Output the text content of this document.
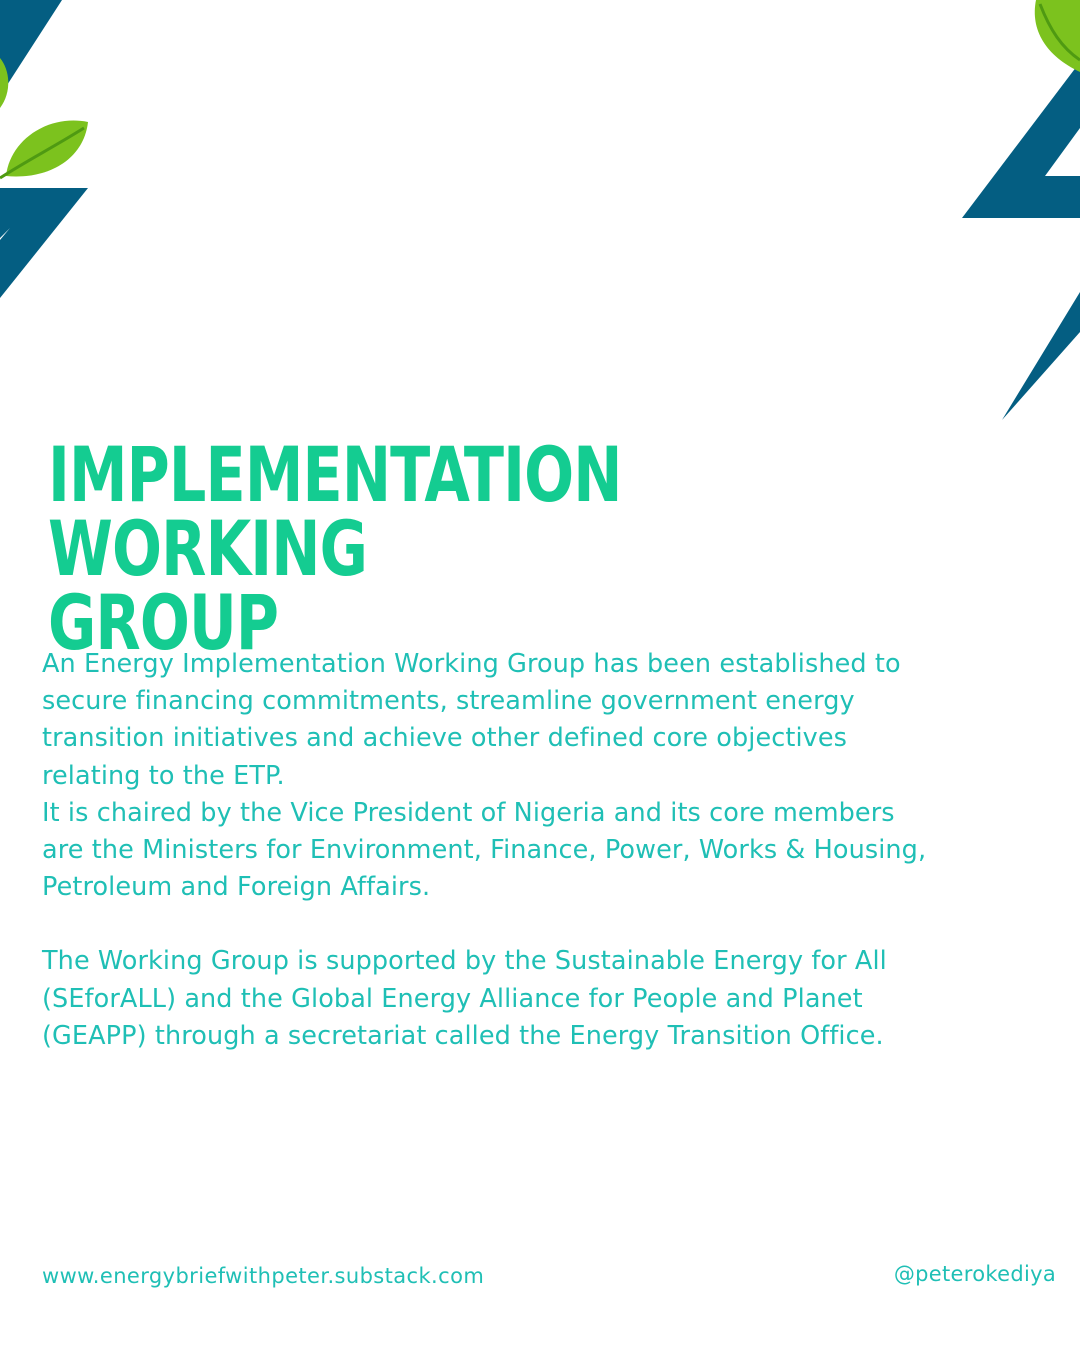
IMPLEMENTATION WORKING
GROUP

An Energy Implementation Working Group has been established to
secure financing commitments, streamline government energy
transition initiatives and achieve other defined core objectives
relating to the ETP.

It is chaired by the Vice President of Nigeria and its core members
are the Ministers for Environment, Finance, Power, Works & Housing,
Petroleum and Foreign Affairs.

The Working Group is supported by the Sustainable Energy for All
(SEforALL) and the Global Energy Alliance for People and Planet
(GEAPP) through a secretariat called the Energy Transition Office.

www.energybriefwithpeter.substack.com	@peterokediya
